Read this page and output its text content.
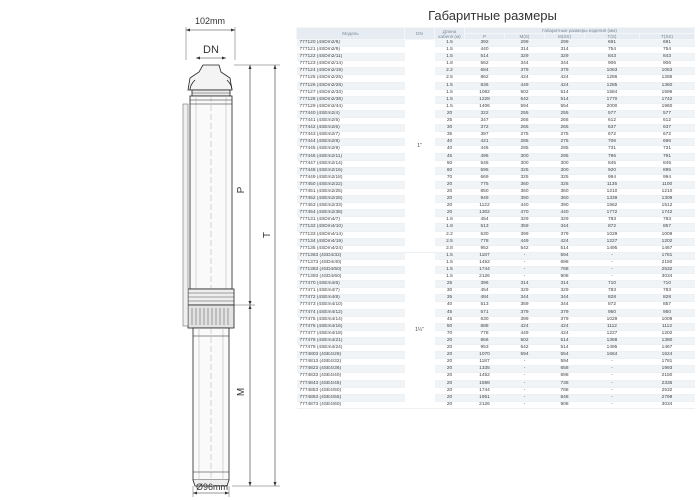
102mm
DN
P
T
M
Ø96mm
Габаритные размеры
Модель	DN	Длина кабеля (м)	Габаритные размеры изделия (мм)				
			P	M(S)	M(SS)	T(S)	T(SS)
777120 (4SDm2/6)	1"	1.5	392	299	299	691	691
777121 (4SDm2/9)		1.5	440	314	314	754	754
777122 (4SDm2/11)		1.5	514	329	329	843	843
777123 (4SDm2/14)		1.8	562	344	344	906	906
777124 (4SDm2/19)		2.2	684	379	379	1063	1063
777125 (4SDm2/25)		2.5	862	424	424	1286	1286
777126 (4SDm2/28)		1.5	836	449	424	1285	1360
777127 (4SDm2/33)		1.5	1082	502	514	1584	1596
777128 (4SDm2/38)		1.5	1228	542	514	1770	1742
777129 (4SDm2/44)		1.5	1406	594	554	2000	1960
777440 (4SEm2/4)		20	322	255	255	577	577
777441 (4SEm2/5)		25	347	265	265	612	612
777442 (4SEm2/6)		30	372	265	265	637	637
777443 (4SEm2/7)		35	397	275	275	672	672
777444 (4SEm2/8)		40	421	285	275	706	696
777445 (4SEm2/9)		40	446	285	285	731	731
777446 (4SEm2/11)		45	496	300	295	796	791
777447 (4SEm2/14)		50	545	300	300	845	845
777448 (4SEm2/16)		60	595	325	300	920	895
777449 (4SEm2/18)		70	669	325	325	994	994
777450 (4SEm2/22)		20	775	360	325	1135	1100
777451 (4SEm2/25)		20	850	360	360	1210	1210
777452 (4SEm2/28)		20	949	390	360	1339	1309
777453 (4SEm2/33)		20	1122	440	390	1562	1512
777454 (4SEm2/38)		20	1302	470	440	1772	1742
777131 (4SDm4/7)		1.6	454	329	329	783	783
777132 (4SDm4/10)		1.8	513	359	344	872	857
777133 (4SDm4/14)		2.2	630	399	379	1029	1009
777134 (4SDm4/19)		2.5	778	449	424	1227	1202
777135 (4SDm4/24)		2.8	952	542	514	1495	1467
7771363 (4SD4/32)	1¼"	1.5	1187	-	594	-	1781
7771373 (4SD4/40)		1.5	1452	-	698	-	2150
7771383 (4SD4/50)		1.5	1744	-	788	-	2532
7771393 (4SD4/60)		1.5	2126	-	908	-	3034
777470 (4SEm4/6)		25	396	314	314	710	710
777471 (4SEm4/7)		30	454	329	329	783	783
777472 (4SEm4/8)		35	484	344	344	828	828
777473 (4SEm4/10)		40	513	359	344	872	857
777474 (4SEm4/12)		45	571	379	379	950	950
777475 (4SEm4/14)		45	630	399	379	1029	1009
777476 (4SEm4/16)		50	688	424	424	1112	1112
777477 (4SEm4/18)		70	778	449	424	1227	1202
777478 (4SEm4/21)		20	866	502	514	1368	1380
777479 (4SEm4/24)		20	953	542	514	1495	1467
7774803 (4SE4/28)		20	1070	594	554	1664	1624
7774813 (4SE4/32)		20	1187	-	594	-	1781
7774823 (4SE4/36)		20	1335	-	658	-	1993
7774833 (4SE4/40)		20	1452	-	698	-	2150
7774843 (4SE4/45)		20	1598	-	738	-	2336
7774853 (4SE4/50)		20	1744	-	788	-	2532
7774863 (4SE4/55)		20	1951	-	848	-	2799
7774873 (4SE4/60)		20	2126	-	908	-	3034
